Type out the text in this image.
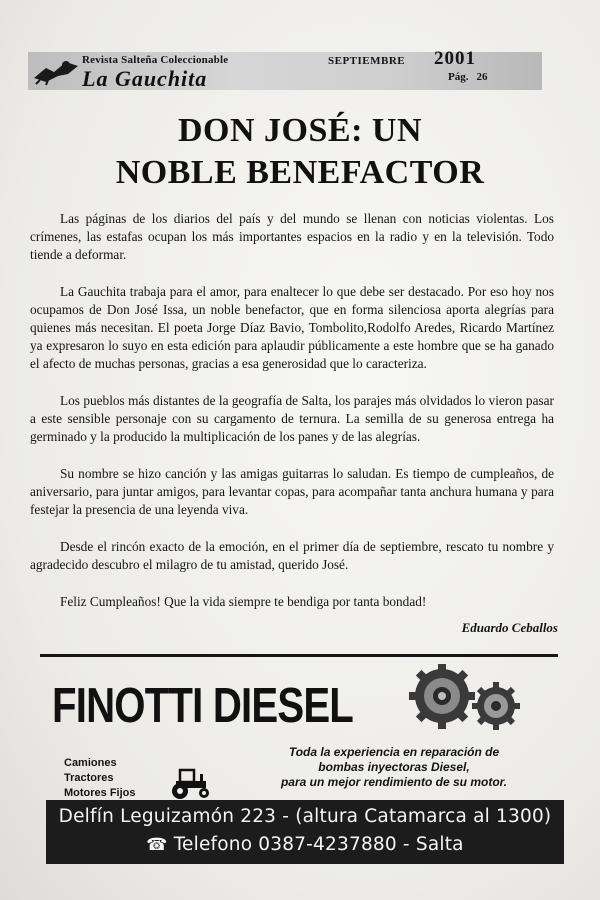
Revista Salteña Coleccionable
La Gauchita
SEPTIEMBRE 2001
Pág. 26
DON JOSÉ: UN
NOBLE BENEFACTOR

Las páginas de los diarios del país y del mundo se llenan con noticias violentas. Los crímenes, las estafas ocupan los más importantes espacios en la radio y en la televisión. Todo tiende a deformar.

La Gauchita trabaja para el amor, para enaltecer lo que debe ser destacado. Por eso hoy nos ocupamos de Don José Issa, un noble benefactor, que en forma silenciosa aporta alegrías para quienes más necesitan. El poeta Jorge Díaz Bavio, Tombolito,Rodolfo Aredes, Ricardo Martínez ya expresaron lo suyo en esta edición para aplaudir públicamente a este hombre que se ha ganado el afecto de muchas personas, gracias a esa generosidad que lo caracteriza.

Los pueblos más distantes de la geografía de Salta, los parajes más olvidados lo vieron pasar a este sensible personaje con su cargamento de ternura. La semilla de su generosa entrega ha germinado y la producido la multiplicación de los panes y de las alegrías.

Su nombre se hizo canción y las amigas guitarras lo saludan. Es tiempo de cumpleaños, de aniversario, para juntar amigos, para levantar copas, para acompañar tanta anchura humana y para festejar la presencia de una leyenda viva.

Desde el rincón exacto de la emoción, en el primer día de septiembre, rescato tu nombre y agradecido descubro el milagro de tu amistad, querido José.

Feliz Cumpleaños! Que la vida siempre te bendiga por tanta bondad!

Eduardo Ceballos
FINOTTI DIESEL
Camiones
Tractores
Motores Fijos
Toda la experiencia en reparación de
bombas inyectoras Diesel,
para un mejor rendimiento de su motor.
Delfín Leguizamón 223 - (altura Catamarca al 1300)
☎ Telefono 0387-4237880 - Salta
